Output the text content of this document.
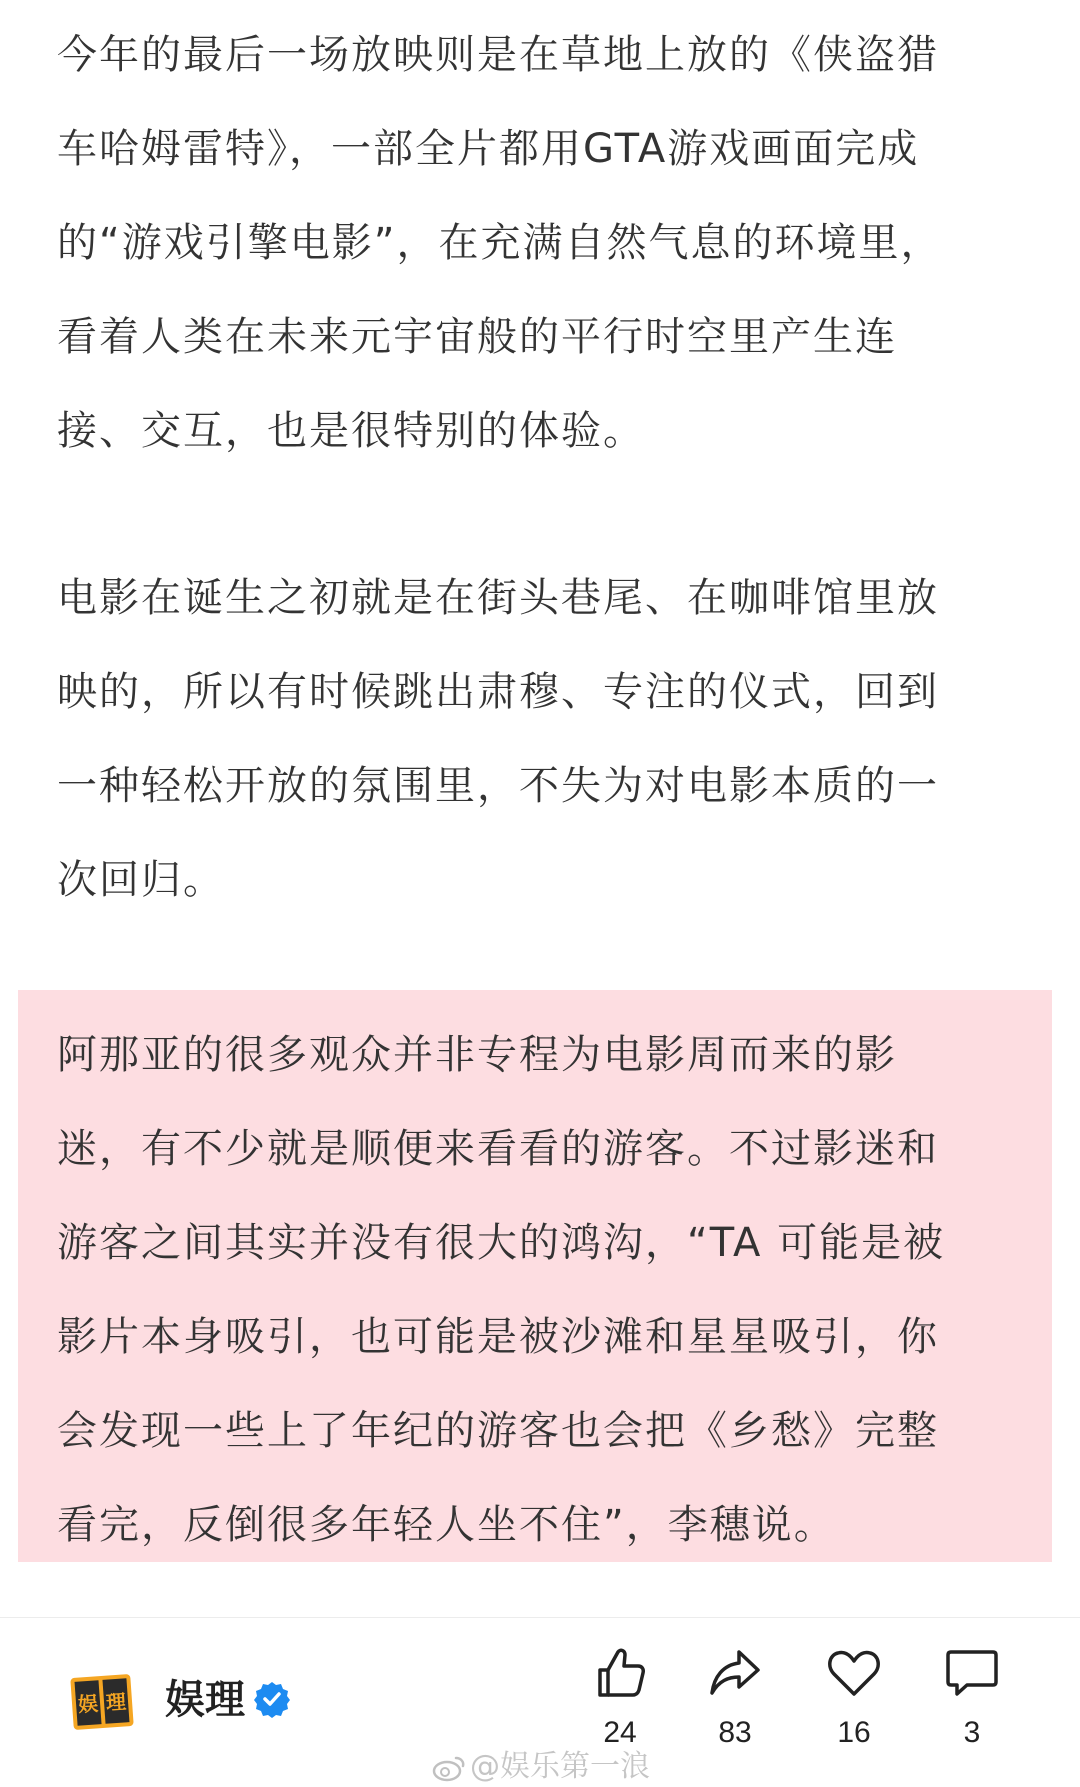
今年的最后一场放映则是在草地上放的《侠盗猎
车哈姆雷特》，一部全片都用GTA游戏画面完成
的“游戏引擎电影”，在充满自然气息的环境里，
看着人类在未来元宇宙般的平行时空里产生连
接、交互，也是很特别的体验。

电影在诞生之初就是在街头巷尾、在咖啡馆里放
映的，所以有时候跳出肃穆、专注的仪式，回到
一种轻松开放的氛围里，不失为对电影本质的一
次回归。

阿那亚的很多观众并非专程为电影周而来的影
迷，有不少就是顺便来看看的游客。不过影迷和
游客之间其实并没有很大的鸿沟，“TA 可能是被
影片本身吸引，也可能是被沙滩和星星吸引，你
会发现一些上了年纪的游客也会把《乡愁》完整
看完，反倒很多年轻人坐不住”，李穗说。

娱 理 娱理
24	83	16	3
@娱乐第一浪
